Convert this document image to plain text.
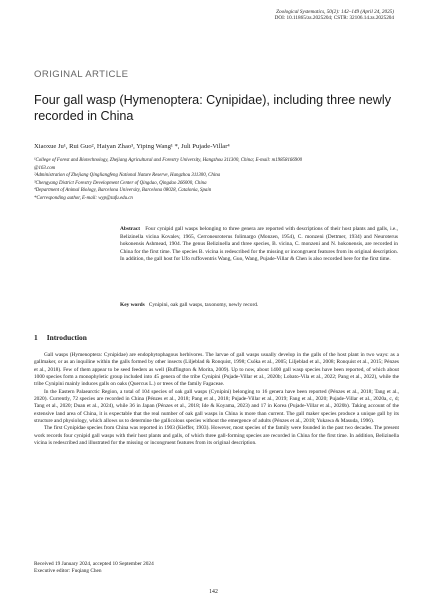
Zoological Systematics, 50(2): 142–149 (April 24, 2025)
DOI: 10.11865/zs.2025204; CSTR: 32106.14.zs.2025204
ORIGINAL ARTICLE
Four gall wasp (Hymenoptera: Cynipidae), including three newly recorded in China
Xiaoxue Ju¹, Rui Guo², Haiyan Zhao³, Yiping Wang¹ *, Juli Pujade-Villar⁴
¹College of Forest and Biotechnology, Zhejiang Agricultural and Forestry University, Hangzhou 311300, China; E-mail: m19858166900
@163.com
²Administration of Zhejiang Qingliangfeng National Nature Reserve, Hangzhou 311300, China
³Chengyang District Forestry Development Center of Qingdao, Qingdao 266000, China
⁴Department of Animal Biology, Barcelona University, Barcelona 08028, Catalonia, Spain
*Corresponding author, E-mail: wyp@zafu.edu.cn
Abstract Four cynipid gall wasps belonging to three genera are reported with descriptions of their host plants and galls, i.e., Belizinella vicina Kovalev, 1965, Cerroneuroterus folimargo (Monzen, 1954), C. monzeni (Dettmer, 1934) and Neuroterus hokonensis Ashmead, 1904. The genus Belizinella and three species, B. vicina, C. monzeni and N. hokonensis, are recorded in China for the first time. The species B. vicina is redescribed for the missing or incongruent features from its original description. In addition, the gall host for Ufo ruffoventris Wang, Guo, Wang, Pujade-Villar & Chen is also recorded here for the first time.
Key words Cynipini, oak gall wasps, taxonomy, newly record.
1 Introduction

Gall wasps (Hymenoptera: Cynipidae) are endophytophagous herbivores. The larvae of gall wasps usually develop in the galls of the host plant in two ways: as a gallmaker, or as an inquiline within the galls formed by other insects (Liljeblad & Ronquist, 1998; Csóka et al., 2005; Liljeblad et al., 2008; Ronquist et al., 2015; Pénzes et al., 2018). Few of them appear to be seed feeders as well (Buffington & Morita, 2009). Up to now, about 1400 gall wasp species have been reported, of which about 1000 species form a monophyletic group included into 45 genera of the tribe Cynipini (Pujade-Villar et al., 2020b; Lobato-Vila et al., 2022; Pang et al., 2022), while the tribe Cynipini mainly induces galls on oaks (Quercus L.) or trees of the family Fagaceae.

In the Eastern Palaearctic Region, a total of 104 species of oak gall wasps (Cynipini) belonging to 16 genera have been reported (Pénzes et al., 2018; Tang et al., 2020). Currently, 72 species are recorded in China (Pénzes et al., 2018; Pang et al., 2018; Pujade-Villar et al., 2019; Fang et al., 2020; Pujade-Villar et al., 2020a, c, d; Tang et al., 2020; Duan et al., 2024), while 36 in Japan (Pénzes et al., 2018; Ide & Koyama, 2023) and 17 in Korea (Pujade-Villar et al., 2020b). Taking account of the extensive land area of China, it is expectable that the real number of oak gall wasps in China is more than current. The gall maker species produce a unique gall by its structure and physiology, which allows us to determine the gallicolous species without the emergence of adults (Pénzes et al., 2018; Yukawa & Masuda, 1996).

The first Cynipidae species from China was reported in 1903 (Kieffer, 1903). However, most species of the family were founded in the past two decades. The present work records four cynipid gall wasps with their host plants and galls, of which three gall-forming species are recorded in China for the first time. In addition, Belizinella vicina is redescribed and illustrated for the missing or incongruent features from its original description.

Received 19 January 2024, accepted 10 September 2024
Executive editor: Fuqiang Chen
142
